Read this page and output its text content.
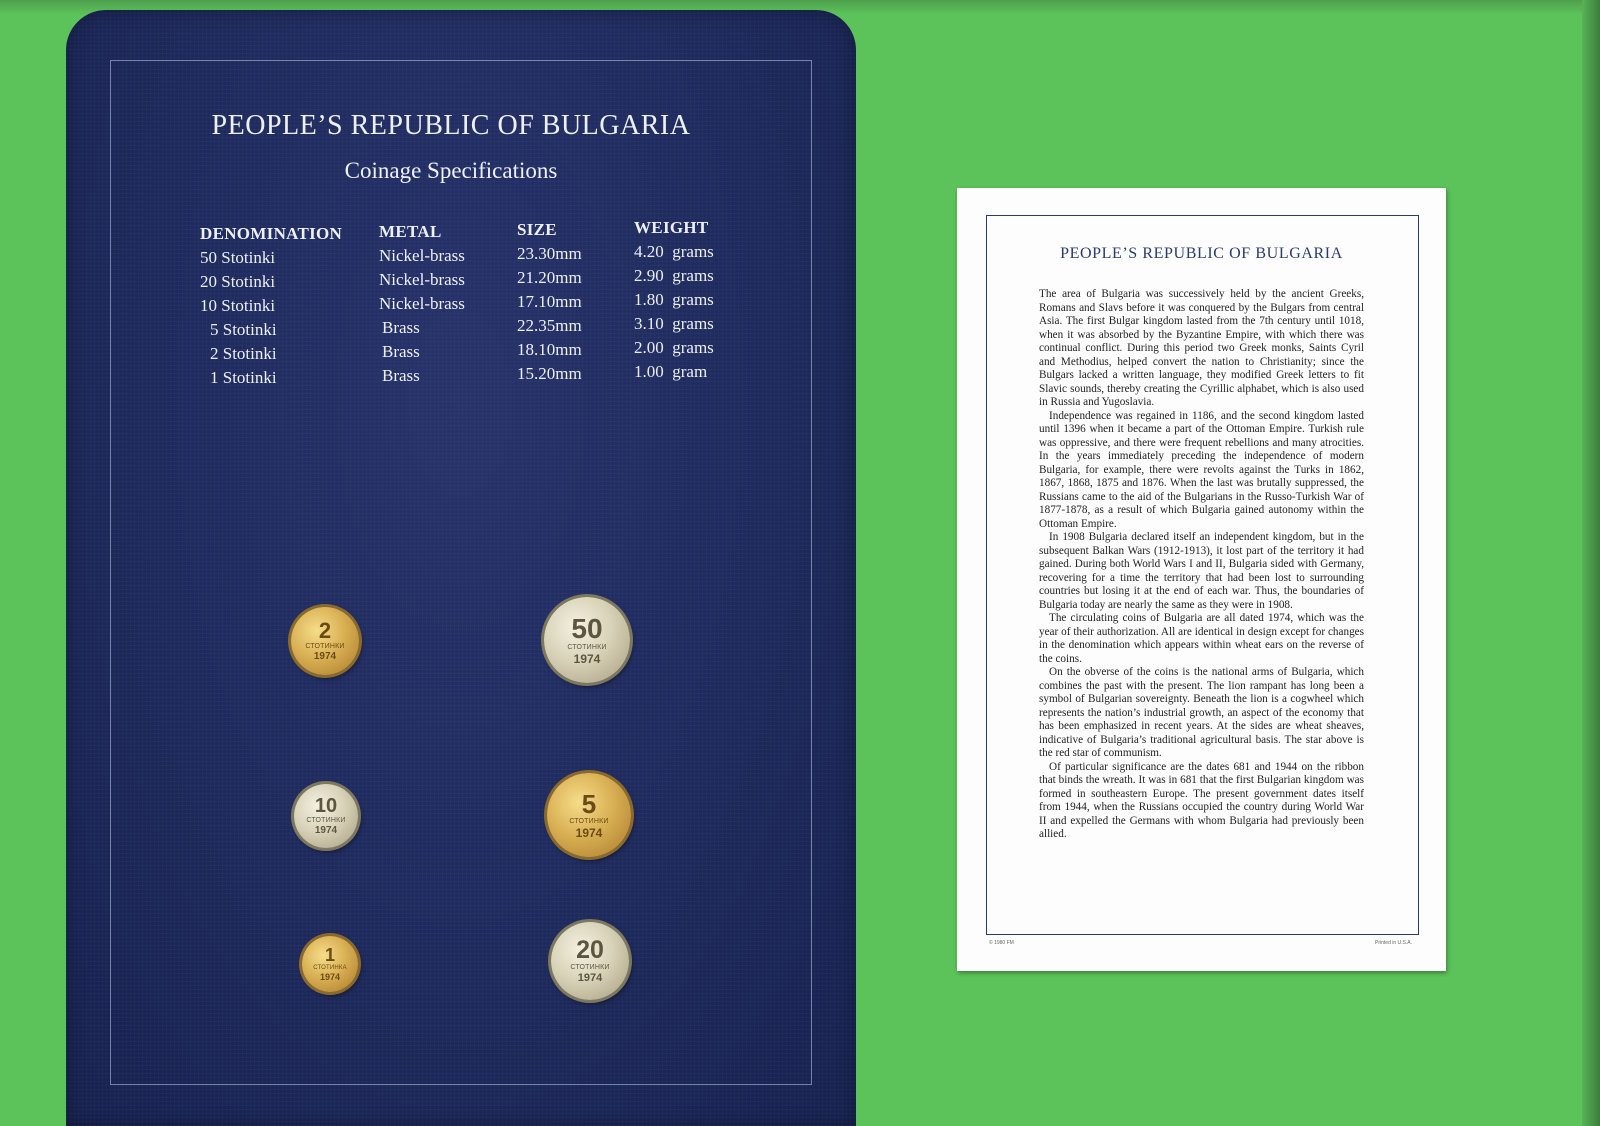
PEOPLE’S REPUBLIC OF BULGARIA
Coinage Specifications
DENOMINATION
50 Stotinki
20 Stotinki
10 Stotinki
5 Stotinki
2 Stotinki
1 Stotinki
METAL
Nickel-brass
Nickel-brass
Nickel-brass
Brass
Brass
Brass
SIZE
23.30mm
21.20mm
17.10mm
22.35mm
18.10mm
15.20mm
WEIGHT
4.20  grams
2.90  grams
1.80  grams
3.10  grams
2.00  grams
1.00  gram
2
СТОТИНКИ
1974
50
СТОТИНКИ
1974
10
СТОТИНКИ
1974
5
СТОТИНКИ
1974
1
СТОТИНКА
1974
20
СТОТИНКИ
1974
PEOPLE’S REPUBLIC OF BULGARIA

The area of Bulgaria was successively held by the ancient Greeks, Romans and Slavs before it was conquered by the Bulgars from central Asia. The first Bulgar kingdom lasted from the 7th century until 1018, when it was absorbed by the Byzantine Empire, with which there was continual conflict. During this period two Greek monks, Saints Cyril and Methodius, helped convert the nation to Christianity; since the Bulgars lacked a written language, they modified Greek letters to fit Slavic sounds, thereby creating the Cyrillic alphabet, which is also used in Russia and Yugoslavia.

Independence was regained in 1186, and the second kingdom lasted until 1396 when it became a part of the Ottoman Empire. Turkish rule was oppressive, and there were frequent rebellions and many atrocities. In the years immediately preceding the independence of modern Bulgaria, for example, there were revolts against the Turks in 1862, 1867, 1868, 1875 and 1876. When the last was brutally suppressed, the Russians came to the aid of the Bulgarians in the Russo-Turkish War of 1877-1878, as a result of which Bulgaria gained autonomy within the Ottoman Empire.

In 1908 Bulgaria declared itself an independent kingdom, but in the subsequent Balkan Wars (1912-1913), it lost part of the territory it had gained. During both World Wars I and II, Bulgaria sided with Germany, recovering for a time the territory that had been lost to surrounding countries but losing it at the end of each war. Thus, the boundaries of Bulgaria today are nearly the same as they were in 1908.

The circulating coins of Bulgaria are all dated 1974, which was the year of their authorization. All are identical in design except for changes in the denomination which appears within wheat ears on the reverse of the coins.

On the obverse of the coins is the national arms of Bulgaria, which combines the past with the present. The lion rampant has long been a symbol of Bulgarian sovereignty. Beneath the lion is a cogwheel which represents the nation’s industrial growth, an aspect of the economy that has been emphasized in recent years. At the sides are wheat sheaves, indicative of Bulgaria’s traditional agricultural basis. The star above is the red star of communism.

Of particular significance are the dates 681 and 1944 on the ribbon that binds the wreath. It was in 681 that the first Bulgarian kingdom was formed in southeastern Europe. The present government dates itself from 1944, when the Russians occupied the country during World War II and expelled the Germans with whom Bulgaria had previously been allied.

© 1980 FM	Printed in U.S.A.
